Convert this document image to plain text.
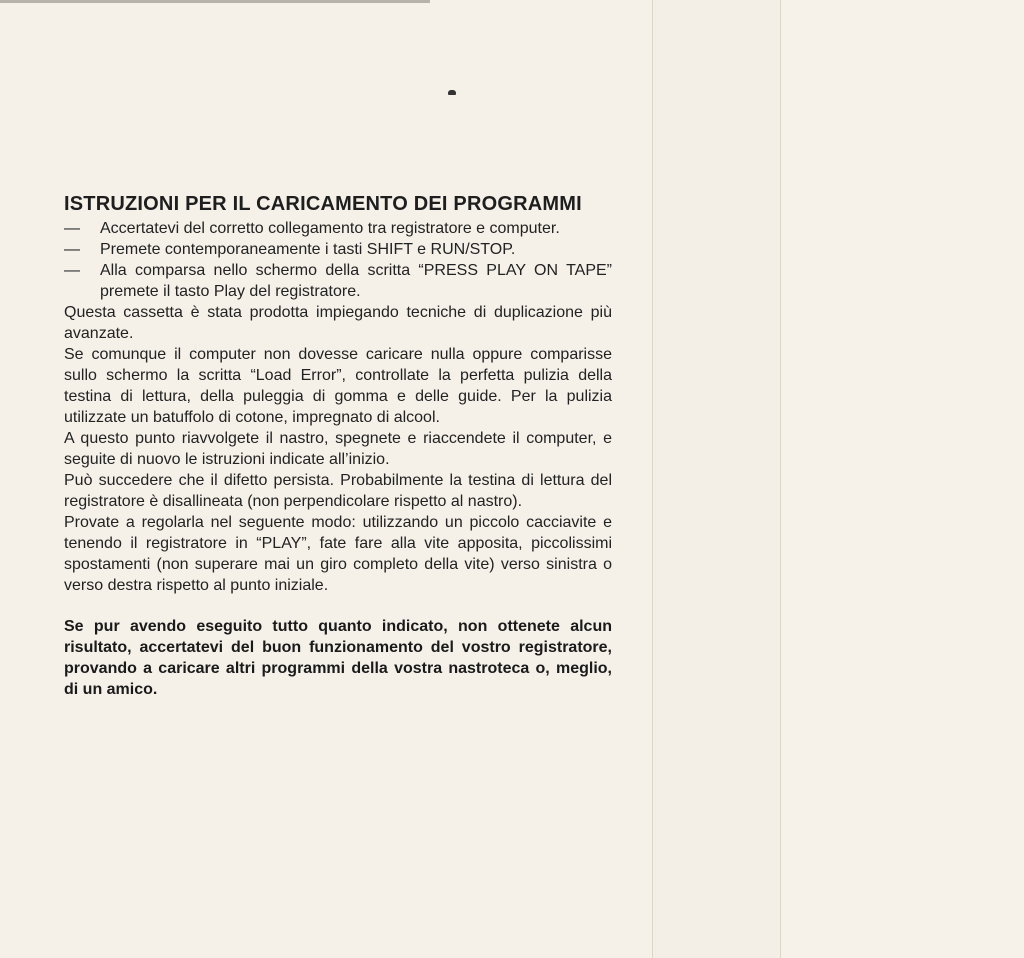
ISTRUZIONI PER IL CARICAMENTO DEI PROGRAMMI
— Accertatevi del corretto collegamento tra registratore e computer.
— Premete contemporaneamente i tasti SHIFT e RUN/STOP.
— Alla comparsa nello schermo della scritta “PRESS PLAY ON TAPE” premete il tasto Play del registratore.

Questa cassetta è stata prodotta impiegando tecniche di duplicazione più avanzate.

Se comunque il computer non dovesse caricare nulla oppure comparisse sullo schermo la scritta “Load Error”, controllate la perfetta pulizia della testina di lettura, della puleggia di gomma e delle guide. Per la pulizia utilizzate un batuffolo di cotone, impregnato di alcool.

A questo punto riavvolgete il nastro, spegnete e riaccendete il computer, e seguite di nuovo le istruzioni indicate all’inizio.

Può succedere che il difetto persista. Probabilmente la testina di lettura del registratore è disallineata (non perpendicolare rispetto al nastro).

Provate a regolarla nel seguente modo: utilizzando un piccolo cacciavite e tenendo il registratore in “PLAY”, fate fare alla vite apposita, piccolissimi spostamenti (non superare mai un giro completo della vite) verso sinistra o verso destra rispetto al punto iniziale.

Se pur avendo eseguito tutto quanto indicato, non ottenete alcun risultato, accertatevi del buon funzionamento del vostro registratore, provando a caricare altri programmi della vostra nastroteca o, meglio, di un amico.
